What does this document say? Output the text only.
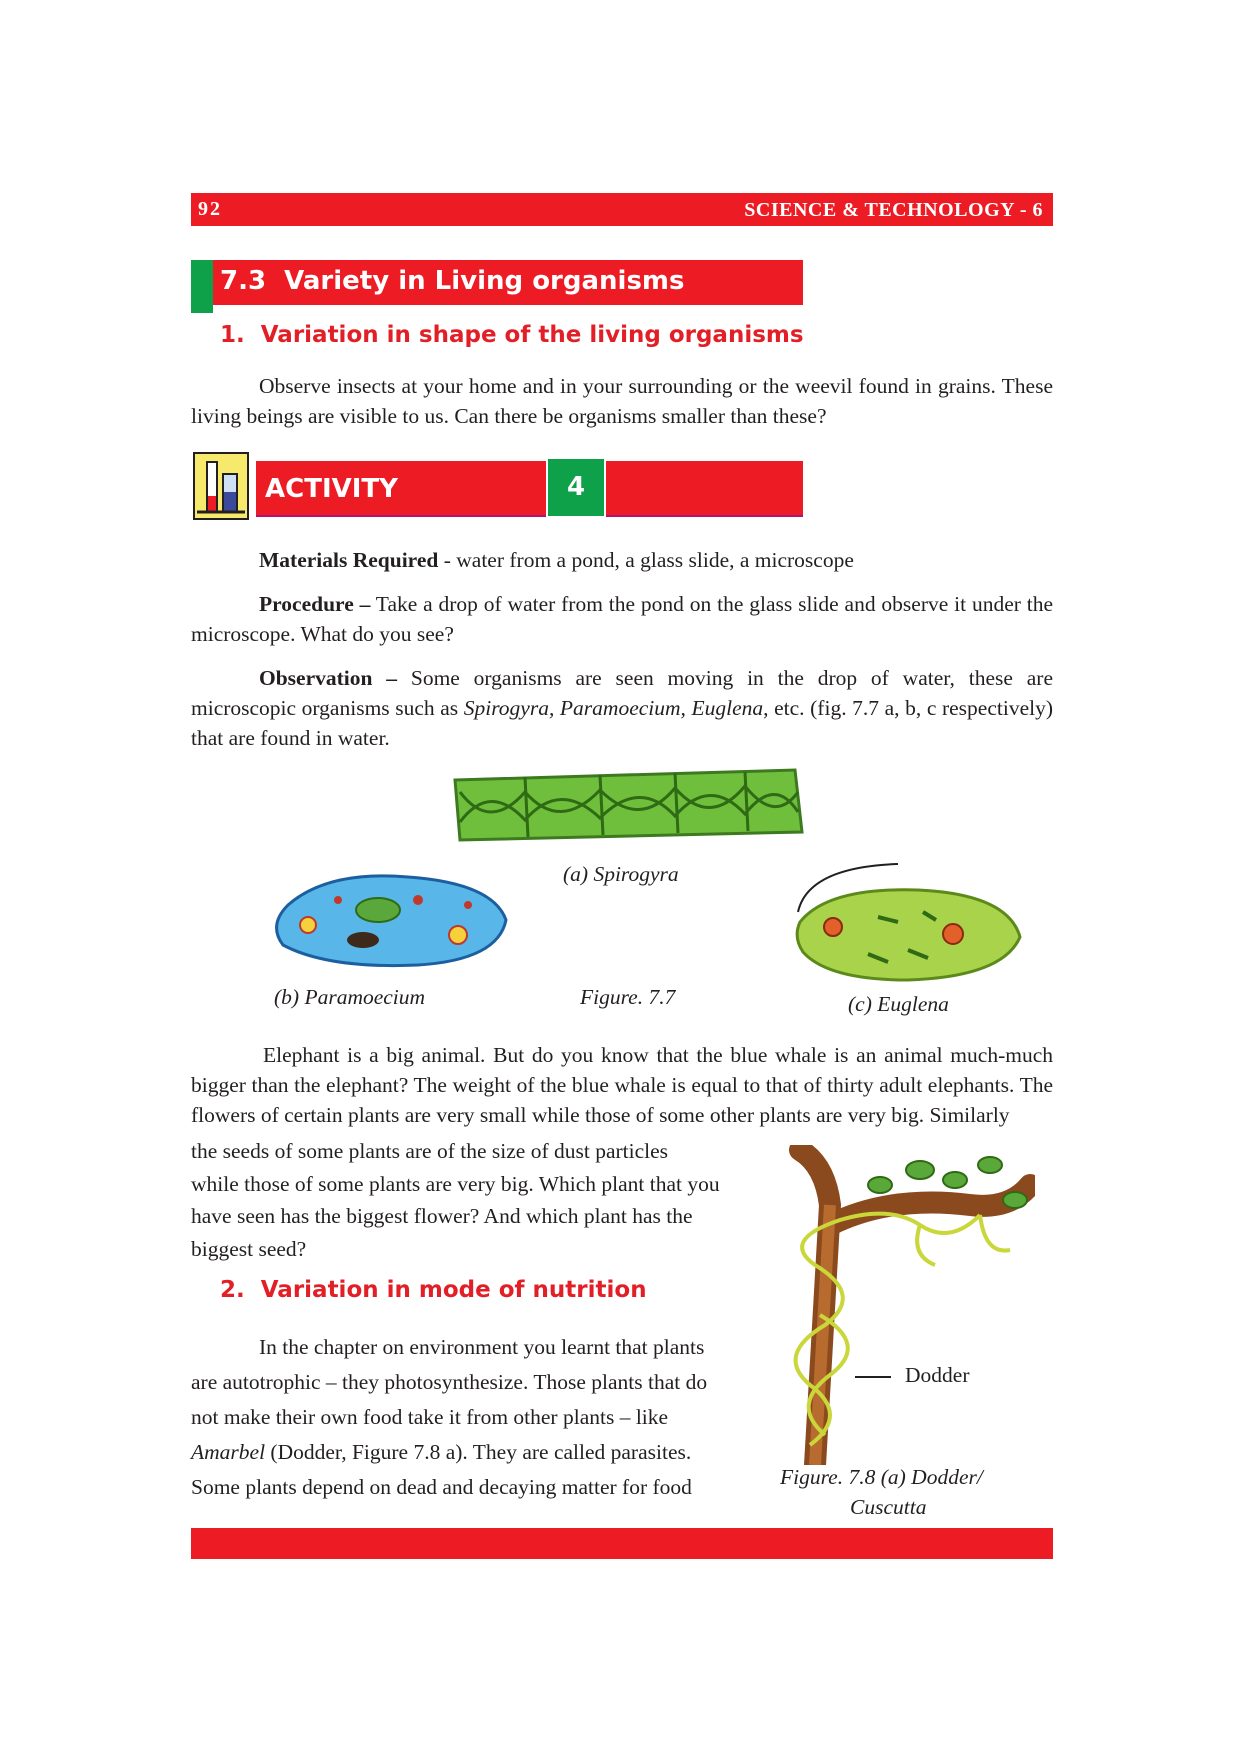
92	SCIENCE & TECHNOLOGY - 6
7.3  Variety in Living organisms
1.  Variation in shape of the living organisms
Observe insects at your home and in your surrounding or the weevil found in grains. These living beings are visible to us. Can there be organisms smaller than these?
ACTIVITY	4

Materials Required - water from a pond, a glass slide, a microscope

Procedure – Take a drop of water from the pond on the glass slide and observe it under the microscope. What do you see?

Observation – Some organisms are seen moving in the drop of water, these are microscopic organisms such as Spirogyra, Paramoecium, Euglena, etc. (fig. 7.7 a, b, c respectively) that are found in water.

(a) Spirogyra
(b) Paramoecium	Figure. 7.7	(c) Euglena
Elephant is a big animal. But do you know that the blue whale is an animal much-much bigger than the elephant? The weight of the blue whale is equal to that of thirty adult elephants. The flowers of certain plants are very small while those of some other plants are very big. Similarly
the seeds of some plants are of the size of dust particles while those of some plants are very big. Which plant that you have seen has the biggest flower? And which plant has the biggest seed?
2.  Variation in mode of nutrition
In the chapter on environment you learnt that plants are autotrophic – they photosynthesize. Those plants that do not make their own food take it from other plants – like Amarbel (Dodder, Figure 7.8 a). They are called parasites. Some plants depend on dead and decaying matter for food
Dodder
Figure. 7.8 (a) Dodder/
Cuscutta
